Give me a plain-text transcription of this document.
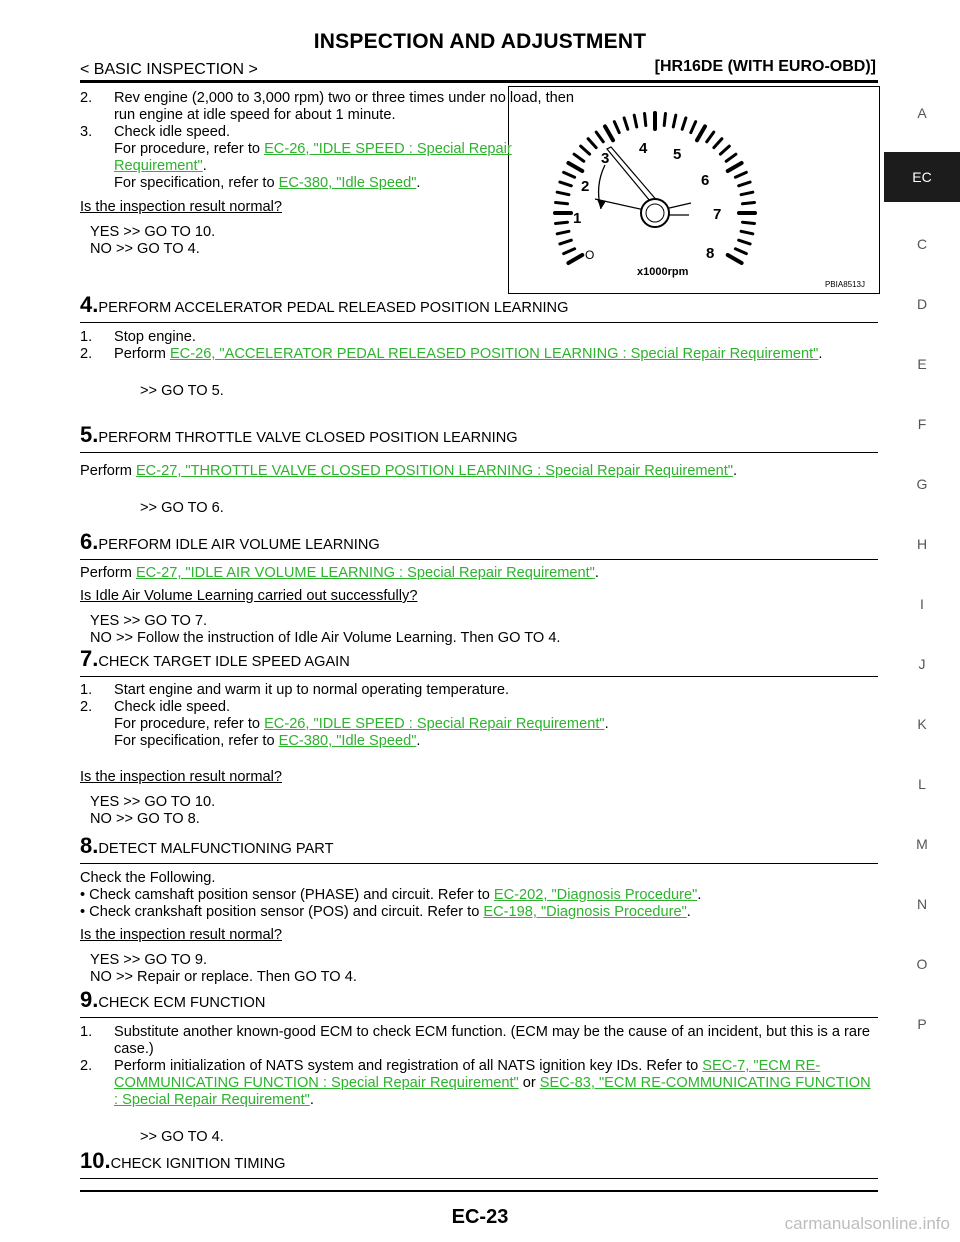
INSPECTION AND ADJUSTMENT
< BASIC INSPECTION >	[HR16DE (WITH EURO-OBD)]
A
EC
C
D
E
F
G
H
I
J
K
L
M
N
O
P
O
1
2
3
4 5
6
7
8
x1000rpm
PBIA8513J
2. Rev engine (2,000 to 3,000 rpm) two or three times under no load, then run engine at idle speed for about 1 minute.
3. Check idle speed.
For procedure, refer to EC-26, "IDLE SPEED : Special Repair Requirement".
For specification, refer to EC-380, "Idle Speed".
Is the inspection result normal?
YES >> GO TO 10.
NO >> GO TO 4.
4.PERFORM ACCELERATOR PEDAL RELEASED POSITION LEARNING
1. Stop engine.
2. Perform EC-26, "ACCELERATOR PEDAL RELEASED POSITION LEARNING : Special Repair Requirement".
>> GO TO 5.
5.PERFORM THROTTLE VALVE CLOSED POSITION LEARNING
Perform EC-27, "THROTTLE VALVE CLOSED POSITION LEARNING : Special Repair Requirement".
>> GO TO 6.
6.PERFORM IDLE AIR VOLUME LEARNING
Perform EC-27, "IDLE AIR VOLUME LEARNING : Special Repair Requirement".
Is Idle Air Volume Learning carried out successfully?
YES >> GO TO 7.
NO >> Follow the instruction of Idle Air Volume Learning. Then GO TO 4.
7.CHECK TARGET IDLE SPEED AGAIN
1. Start engine and warm it up to normal operating temperature.
2. Check idle speed.
For procedure, refer to EC-26, "IDLE SPEED : Special Repair Requirement".
For specification, refer to EC-380, "Idle Speed".
Is the inspection result normal?
YES >> GO TO 10.
NO >> GO TO 8.
8.DETECT MALFUNCTIONING PART
Check the Following.
• Check camshaft position sensor (PHASE) and circuit. Refer to EC-202, "Diagnosis Procedure".
• Check crankshaft position sensor (POS) and circuit. Refer to EC-198, "Diagnosis Procedure".
Is the inspection result normal?
YES >> GO TO 9.
NO >> Repair or replace. Then GO TO 4.
9.CHECK ECM FUNCTION
1. Substitute another known-good ECM to check ECM function. (ECM may be the cause of an incident, but this is a rare case.)
2. Perform initialization of NATS system and registration of all NATS ignition key IDs. Refer to SEC-7, "ECM RE-COMMUNICATING FUNCTION : Special Repair Requirement" or SEC-83, "ECM RE-COMMUNICATING FUNCTION : Special Repair Requirement".
>> GO TO 4.
10.CHECK IGNITION TIMING
EC-23	carmanualsonline.info
